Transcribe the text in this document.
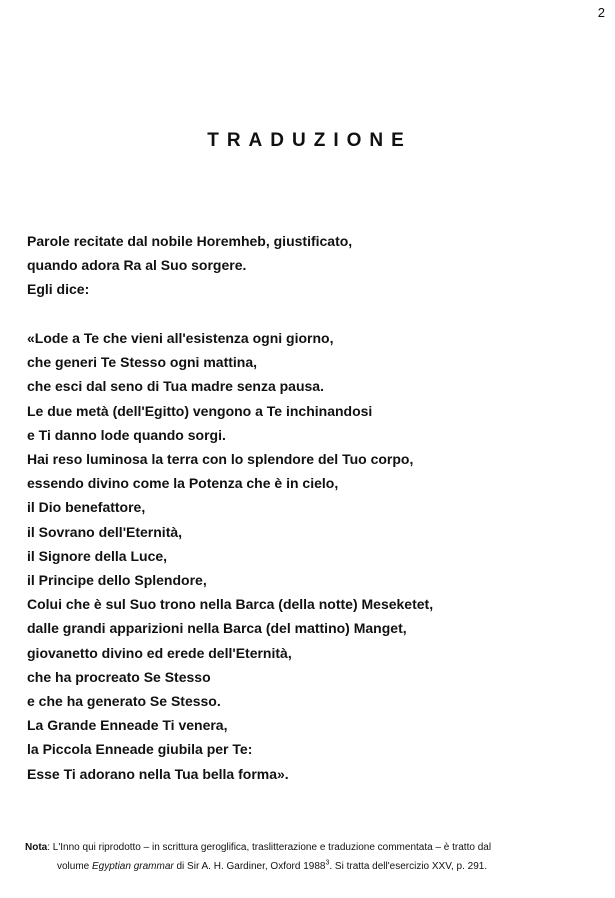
2
TRADUZIONE
Parole recitate dal nobile Horemheb, giustificato,
quando adora Ra al Suo sorgere.
Egli dice:
«Lode a Te che vieni all'esistenza ogni giorno,
che generi Te Stesso ogni mattina,
che esci dal seno di Tua madre senza pausa.
Le due metà (dell'Egitto) vengono a Te inchinandosi
e Ti danno lode quando sorgi.
Hai reso luminosa la terra con lo splendore del Tuo corpo,
essendo divino come la Potenza che è in cielo,
il Dio benefattore,
il Sovrano dell'Eternità,
il Signore della Luce,
il Principe dello Splendore,
Colui che è sul Suo trono nella Barca (della notte) Meseketet,
dalle grandi apparizioni nella Barca (del mattino) Manget,
giovanetto divino ed erede dell'Eternità,
che ha procreato Se Stesso
e che ha generato Se Stesso.
La Grande Enneade Ti venera,
la Piccola Enneade giubila per Te:
Esse Ti adorano nella Tua bella forma».
Nota: L'Inno qui riprodotto – in scrittura geroglifica, traslitterazione e traduzione commentata – è tratto dal
volume Egyptian grammar di Sir A. H. Gardiner, Oxford 1988$^3$. Si tratta dell'esercizio XXV, p. 291.
